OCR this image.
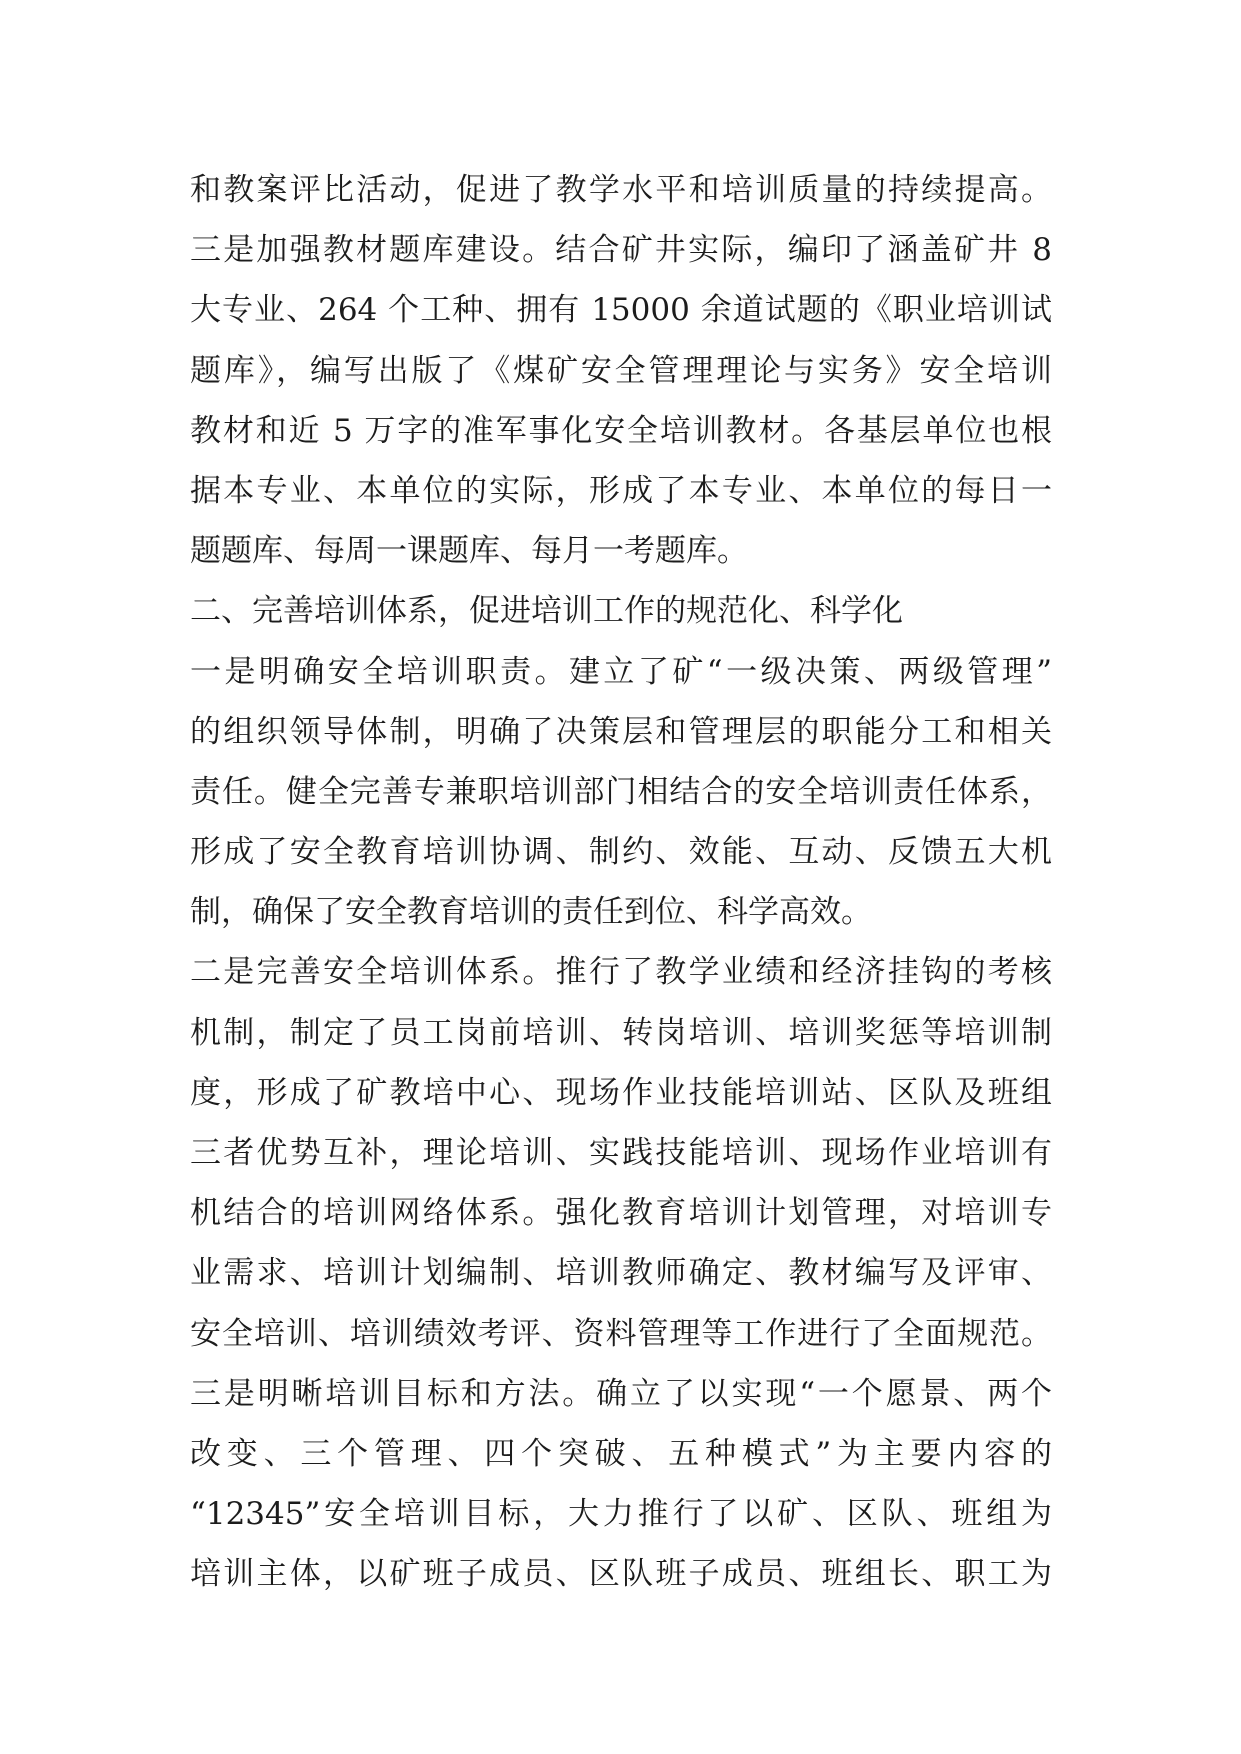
和教案评比活动，促进了教学水平和培训质量的持续提高。
三是加强教材题库建设。结合矿井实际，编印了涵盖矿井 8
大专业、264 个工种、拥有 15000 余道试题的《职业培训试
题库》，编写出版了《煤矿安全管理理论与实务》安全培训
教材和近 5 万字的准军事化安全培训教材。各基层单位也根
据本专业、本单位的实际，形成了本专业、本单位的每日一
题题库、每周一课题库、每月一考题库。
二、完善培训体系，促进培训工作的规范化、科学化
一是明确安全培训职责。建立了矿“一级决策、两级管理”
的组织领导体制，明确了决策层和管理层的职能分工和相关
责任。健全完善专兼职培训部门相结合的安全培训责任体系，
形成了安全教育培训协调、制约、效能、互动、反馈五大机
制，确保了安全教育培训的责任到位、科学高效。
二是完善安全培训体系。推行了教学业绩和经济挂钩的考核
机制，制定了员工岗前培训、转岗培训、培训奖惩等培训制
度，形成了矿教培中心、现场作业技能培训站、区队及班组
三者优势互补，理论培训、实践技能培训、现场作业培训有
机结合的培训网络体系。强化教育培训计划管理，对培训专
业需求、培训计划编制、培训教师确定、教材编写及评审、
安全培训、培训绩效考评、资料管理等工作进行了全面规范。
三是明晰培训目标和方法。确立了以实现“一个愿景、两个
改变、三个管理、四个突破、五种模式”为主要内容的
“12345”安全培训目标，大力推行了以矿、区队、班组为
培训主体，以矿班子成员、区队班子成员、班组长、职工为
